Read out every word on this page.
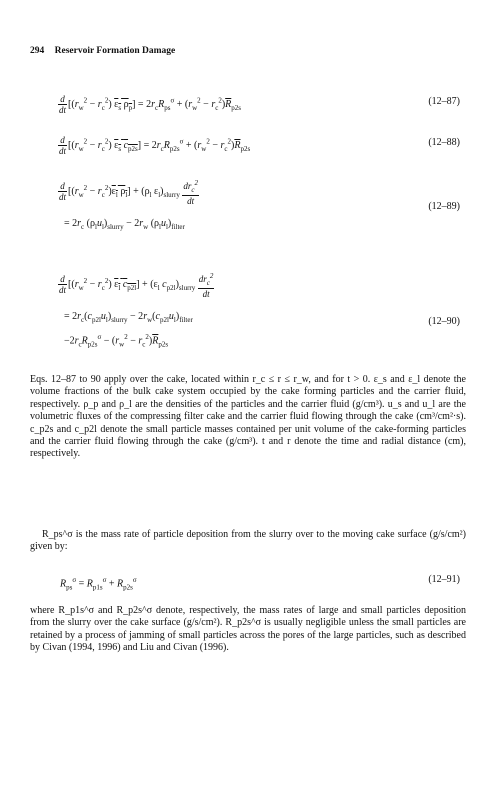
294 Reservoir Formation Damage
$\frac{d}{dt} [(r_w^2 - r_c^2)$ $\varepsilon_s$ $\rho_p] = 2r_cR_{ps}^\sigma + (r_w^2 - r_c^2)\overline{R}_{p2s}$
(12–87)
$\frac{d}{dt} [(r_w^2 - r_c^2)$ $\varepsilon_s$ $c_{p2s}] = 2r_cR_{p2s}^\sigma + (r_w^2 - r_c^2)\overline{R}_{p2s}$
(12–88)
$\frac{d}{dt} [(r_w^2 - r_c^2)\varepsilon_l$ $\rho_l] + (\rho_l$ $\varepsilon_l)_{slurry} \frac{dr_c^2}{dt}$
= $2r_c$ $(\rho_lu_l)_{slurry} - 2r_w$ $(\rho_lu_l)_{filter}$
(12–89)
$\frac{d}{dt} [(r_w^2 - r_c^2)$ $\varepsilon_l$ $c_{p2l}] + (\varepsilon_l$ $c_{p2l})_{slurry} \frac{dr_c^2}{dt}$
= $2r_c(c_{p2l}u_l)_{slurry} - 2r_w(c_{p2l}u_l)_{filter}$
$-2r_cR_{p2s}^\sigma - (r_w^2 - r_c^2)\overline{R}_{p2s}$
(12–90)

Eqs. 12–87 to 90 apply over the cake, located within r_c ≤ r ≤ r_w, and for t > 0. ε_s and ε_l denote the volume fractions of the bulk cake system occupied by the cake forming particles and the carrier fluid, respectively. ρ_p and ρ_l are the densities of the particles and the carrier fluid (g/cm³). u_s and u_l are the volumetric fluxes of the compressing filter cake and the carrier fluid flowing through the cake (cm³/cm²·s). c_p2s and c_p2l denote the small particle masses contained per unit volume of the cake-forming particles and the carrier fluid flowing through the cake (g/cm³). t and r denote the time and radial distance (cm), respectively.

R_ps^σ is the mass rate of particle deposition from the slurry over to the moving cake surface (g/s/cm²) given by:

$R_{ps}^\sigma = R_{p1s}^\sigma + R_{p2s}^\sigma$	(12–91)

where R_p1s^σ and R_p2s^σ denote, respectively, the mass rates of large and small particles deposition from the slurry over the cake surface (g/s/cm²). R_p2s^σ is usually negligible unless the small particles are retained by a process of jamming of small particles across the pores of the large particles, such as described by Civan (1994, 1996) and Liu and Civan (1996).
